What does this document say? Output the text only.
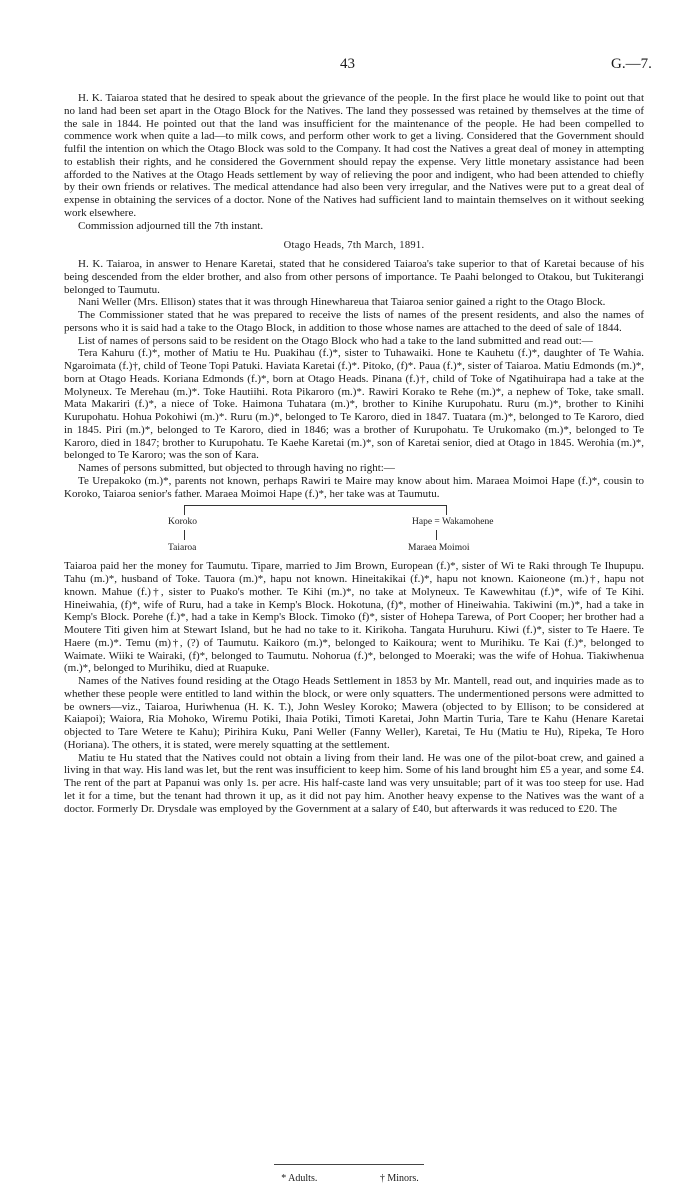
43	G.—7.

H. K. Taiaroa stated that he desired to speak about the grievance of the people. In the first place he would like to point out that no land had been set apart in the Otago Block for the Natives. The land they possessed was retained by themselves at the time of the sale in 1844. He pointed out that the land was insufficient for the maintenance of the people. He had been compelled to commence work when quite a lad—to milk cows, and perform other work to get a living. Considered that the Government should fulfil the intention on which the Otago Block was sold to the Company. It had cost the Natives a great deal of money in attempting to establish their rights, and he considered the Government should repay the expense. Very little monetary assistance had been afforded to the Natives at the Otago Heads settlement by way of relieving the poor and indigent, who had been attended to chiefly by their own friends or relatives. The medical attendance had also been very irregular, and the Natives were put to a great deal of expense in obtaining the services of a doctor. None of the Natives had sufficient land to maintain themselves on it without seeking work elsewhere.

Commission adjourned till the 7th instant.

Otago Heads, 7th March, 1891.

H. K. Taiaroa, in answer to Henare Karetai, stated that he considered Taiaroa's take superior to that of Karetai because of his being descended from the elder brother, and also from other persons of importance. Te Paahi belonged to Otakou, but Tukiterangi belonged to Taumutu.

Nani Weller (Mrs. Ellison) states that it was through Hinewhareua that Taiaroa senior gained a right to the Otago Block.

The Commissioner stated that he was prepared to receive the lists of names of the present residents, and also the names of persons who it is said had a take to the Otago Block, in addition to those whose names are attached to the deed of sale of 1844.

List of names of persons said to be resident on the Otago Block who had a take to the land submitted and read out:—

Tera Kahuru (f.)*, mother of Matiu te Hu. Puakihau (f.)*, sister to Tuhawaiki. Hone te Kauhetu (f.)*, daughter of Te Wahia. Ngaroimata (f.)†, child of Teone Topi Patuki. Haviata Karetai (f.)*. Pitoko, (f)*. Paua (f.)*, sister of Taiaroa. Matiu Edmonds (m.)*, born at Otago Heads. Koriana Edmonds (f.)*, born at Otago Heads. Pinana (f.)†, child of Toke of Ngatihuirapa had a take at the Molyneux. Te Merehau (m.)*. Toke Hautiihi. Rota Pikaroro (m.)*. Rawiri Korako te Rehe (m.)*, a nephew of Toke, take small. Mata Makariri (f.)*, a niece of Toke. Haimona Tuhatara (m.)*, brother to Kinihe Kurupohatu. Ruru (m.)*, brother to Kinihi Kurupohatu. Hohua Pokohiwi (m.)*. Ruru (m.)*, belonged to Te Karoro, died in 1847. Tuatara (m.)*, belonged to Te Karoro, died in 1845. Piri (m.)*, belonged to Te Karoro, died in 1846; was a brother of Kurupohatu. Te Urukomako (m.)*, belonged to Te Karoro, died in 1847; brother to Kurupohatu. Te Kaehe Karetai (m.)*, son of Karetai senior, died at Otago in 1845. Werohia (m.)*, belonged to Te Karoro; was the son of Kara.

Names of persons submitted, but objected to through having no right:—

Te Urepakoko (m.)*, parents not known, perhaps Rawiri te Maire may know about him. Maraea Moimoi Hape (f.)*, cousin to Koroko, Taiaroa senior's father. Maraea Moimoi Hape (f.)*, her take was at Taumutu.

Koroko
Taiaroa
Hape = Wakamohene
Maraea Moimoi

Taiaroa paid her the money for Taumutu. Tipare, married to Jim Brown, European (f.)*, sister of Wi te Raki through Te Ihupupu. Tahu (m.)*, husband of Toke. Tauora (m.)*, hapu not known. Hineitakikai (f.)*, hapu not known. Kaioneone (m.)†, hapu not known. Mahue (f.)†, sister to Puako's mother. Te Kihi (m.)*, no take at Molyneux. Te Kawewhitau (f.)*, wife of Te Kihi. Hineiwahia, (f)*, wife of Ruru, had a take in Kemp's Block. Hokotuna, (f)*, mother of Hineiwahia. Takiwini (m.)*, had a take in Kemp's Block. Porehe (f.)*, had a take in Kemp's Block. Timoko (f)*, sister of Hohepa Tarewa, of Port Cooper; her brother had a Moutere Titi given him at Stewart Island, but he had no take to it. Kirikoha. Tangata Huruhuru. Kiwi (f.)*, sister to Te Haere. Te Haere (m.)*. Temu (m)†, (?) of Taumutu. Kaikoro (m.)*, belonged to Kaikoura; went to Murihiku. Te Kai (f.)*, belonged to Waimate. Wiiki te Wairaki, (f)*, belonged to Taumutu. Nohorua (f.)*, belonged to Moeraki; was the wife of Hohua. Tiakiwhenua (m.)*, belonged to Murihiku, died at Ruapuke.

Names of the Natives found residing at the Otago Heads Settlement in 1853 by Mr. Mantell, read out, and inquiries made as to whether these people were entitled to land within the block, or were only squatters. The undermentioned persons were admitted to be owners—viz., Taiaroa, Huriwhenua (H. K. T.), John Wesley Koroko; Mawera (objected to by Ellison; to be considered at Kaiapoi); Waiora, Ria Mohoko, Wiremu Potiki, Ihaia Potiki, Timoti Karetai, John Martin Turia, Tare te Kahu (Henare Karetai objected to Tare Wetere te Kahu); Pirihira Kuku, Pani Weller (Fanny Weller), Karetai, Te Hu (Matiu te Hu), Ripeka, Te Horo (Horiana). The others, it is stated, were merely squatting at the settlement.

Matiu te Hu stated that the Natives could not obtain a living from their land. He was one of the pilot-boat crew, and gained a living in that way. His land was let, but the rent was insufficient to keep him. Some of his land brought him £5 a year, and some £4. The rent of the part at Papanui was only 1s. per acre. His half-caste land was very unsuitable; part of it was too steep for use. Had let it for a time, but the tenant had thrown it up, as it did not pay him. Another heavy expense to the Natives was the want of a doctor. Formerly Dr. Drysdale was employed by the Government at a salary of £40, but afterwards it was reduced to £20. The

* Adults.	† Minors.
